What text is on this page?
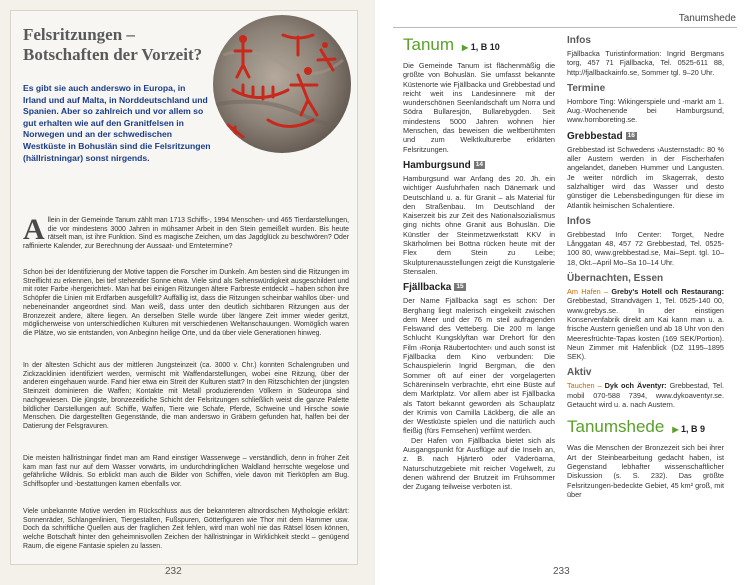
Felsritzungen – Botschaften der Vorzeit?
Es gibt sie auch anderswo in Europa, in Irland und auf Malta, in Norddeutschland und Spanien. Aber so zahlreich und vor allem so gut erhalten wie auf den Granitfelsen in Norwegen und an der schwedischen Westküste in Bohuslän sind die Felsritzungen (hällristningar) sonst nirgends.
Allein in der Gemeinde Tanum zählt man 1713 Schiffs-, 1994 Menschen- und 465 Tierdarstellungen, die vor mindestens 3000 Jahren in mühsamer Arbeit in den Stein gemeißelt wurden. Bis heute rätselt man, ist ihre Funktion. Sind es magische Zeichen, um das Jagdglück zu beschwören? Oder raffinierte Kalender, zur Berechnung der Aussaat- und Erntetermine?
Schon bei der Identifizierung der Motive tappen die Forscher im Dunkeln. Am besten sind die Ritzungen im Streiflicht zu erkennen, bei tief stehender Sonne etwa. Viele sind als Sehenswürdigkeit ausgeschildert und mit roter Farbe ›hergerichtet‹. Man hat bei einigen Ritzungen ältere Farbreste entdeckt – haben schon ihre Schöpfer die Linien mit Erdfarben ausgefüllt? Auffällig ist, dass die Ritzungen scheinbar wahllos über- und nebeneinander angeordnet sind. Man weiß, dass unter den deutlich sichtbaren Ritzungen aus der Bronzezeit andere, ältere liegen. An derselben Stelle wurde über längere Zeit immer wieder geritzt, möglicherweise von unterschiedlichen Kulturen mit verschiedenen Weltanschauungen. Womöglich waren die Plätze, wo sie entstanden, von Anbeginn heilige Orte, und da über viele Generationen hinweg.
In der ältesten Schicht aus der mittleren Jungsteinzeit (ca. 3000 v. Chr.) konnten Schalengruben und Zickzacklinien identifiziert werden, vermischt mit Waffendarstellungen, wobei eine Ritzung, über der anderen eingehauen wurde. Fand hier etwa ein Streit der Kulturen statt? In den Ritzschichten der jüngsten Steinzeit dominieren die Waffen; Kontakte mit Metall produzierenden Völkern in Südeuropa sind nachgewiesen. Die jüngste, bronzezeitliche Schicht der Felsritzungen schließlich weist die ganze Palette bildlicher Darstellungen auf: Schiffe, Waffen, Tiere wie Schafe, Pferde, Schweine und Hirsche sowie Menschen. Die dargestellten Gegenstände, die man anderswo in Gräbern gefunden hat, halfen bei der Datierung der Felsgravuren.
Die meisten hällristningar findet man am Rand einstiger Wasserwege – verständlich, denn in früher Zeit kam man fast nur auf dem Wasser vorwärts, im undurchdringlichen Waldland herrschte wegelose und gefährliche Wildnis. So erblickt man auch die Bilder von Schiffen, viele davon mit Tierköpfen am Bug. Schiffsopfer und -bestattungen kamen ebenfalls vor.
Viele unbekannte Motive werden im Rückschluss aus der bekannteren altnordischen Mythologie erklärt: Sonnenräder, Schlangenlinien, Tiergestalten, Fußspuren, Götterfiguren wie Thor mit dem Hammer usw. Doch da schriftliche Quellen aus der fraglichen Zeit fehlen, wird man wohl nie das Rätsel lösen können, welche Botschaft hinter den geheimnisvollen Zeichen der hällristningar in Wirklichkeit steckt – genügend Raum, die eigene Fantasie spielen zu lassen.
232
Tanumshede
Tanum ▶ 1, B 10
Die Gemeinde Tanum ist flächenmäßig die größte von Bohuslän. Sie umfasst bekannte Küstenorte wie Fjällbacka und Grebbestad und reicht weit ins Landesinnere mit der wunderschönen Seenlandschaft um Norra und Södra Bullaresjön, Bullarebygden. Seit mindestens 5000 Jahren wohnen hier Menschen, das beweisen die weltberühmten und zum Welktkulturerbe erklärten Felsritzungen.
Hamburgsund 14
Hamburgsund war Anfang des 20. Jh. ein wichtiger Ausfuhrhafen nach Dänemark und Deutschland u. a. für Granit – als Material für den Straßenbau. Im Deutschland der Kaiserzeit bis zur Zeit des Nationalsozialismus ging nichts ohne Granit aus Bohuslän. Die Künstler der Steinmetzwerkstatt KKV in Skärholmen bei Bottna rücken heute mit der Flex dem Stein zu Leibe; Skulpturenausstellungen zeigt die Kunstgalerie Stensalen.
Fjällbacka 15
Der Name Fjällbacka sagt es schon: Der Berghang liegt malerisch eingekeilt zwischen dem Meer und der 76 m steil aufragenden Felswand des Vetteberg. Die 200 m lange Schlucht Kungsklyftan war Drehort für den Film ›Ronja Räubertochter‹ und auch sonst ist Fjällbacka dem Kino verbunden: Die Schauspielerin Ingrid Bergman, die den Sommer oft auf einer der vorgelagerten Schäreninseln verbrachte, ehrt eine Büste auf dem Marktplatz. Vor allem aber ist Fjällbacka als Tatort bekannt geworden als Schauplatz der Krimis von Camilla Läckberg, die alle an der Westküste spielen und die natürlich auch fleißig (fürs Fernsehen) verfilmt werden.
Der Hafen von Fjällbacka bietet sich als Ausgangspunkt für Ausflüge auf die Inseln an, z. B. nach Hjärterö oder Väderöarna, Naturschutzgebiete mit reicher Vogelwelt, zu denen während der Brutzeit im Frühsommer der Zugang teilweise verboten ist.
Infos
Fjällbacka Turistinformation: Ingrid Bergmans torg, 457 71 Fjällbacka, Tel. 0525-611 88, http://fjallbackainfo.se, Sommer tgl. 9–20 Uhr.
Termine
Hornbore Ting: Wikingerspiele und -markt am 1. Aug.-Wochenende bei Hamburgsund, www.hornboreting.se.
Grebbestad 16
Grebbestad ist Schwedens ›Austernstadt‹: 80 % aller Austern werden in der Fischerhafen angelandet, daneben Hummer und Langusten. Je weiter nördlich im Skagerrak, desto salzhaltiger wird das Wasser und desto günstiger die Lebensbedingungen für diese im Atlantik heimischen Schalentiere.
Infos
Grebbestad Info Center: Torget, Nedre Långgatan 48, 457 72 Grebbestad, Tel. 0525-100 80, www.grebbestad.se, Mai–Sept. tgl. 10–18, Okt.–April Mo–Sa 10–14 Uhr.
Übernachten, Essen
Am Hafen – Greby's Hotell och Restaurang: Grebbestad, Strandvägen 1, Tel. 0525-140 00, www.grebys.se. In der einstigen Konservenfabrik direkt am Kai kann man u. a. frische Austern genießen und ab 18 Uhr von den Meeresfrüchte-Tapas kosten (169 SEK/Portion). Neun Zimmer mit Hafenblick (DZ 1195–1895 SEK).
Aktiv
Tauchen – Dyk och Äventyr: Grebbestad, Tel. mobil 070-588 7394, www.dykoaventyr.se. Getaucht wird u. a. nach Austern.
Tanumshede ▶ 1, B 9
Was die Menschen der Bronzezeit sich bei ihrer Art der Steinbearbeitung gedacht haben, ist Gegenstand lebhafter wissenschaftlicher Diskussion (s. S. 232). Das größte Felsritzungen-bedeckte Gebiet, 45 km² groß, mit über
233
